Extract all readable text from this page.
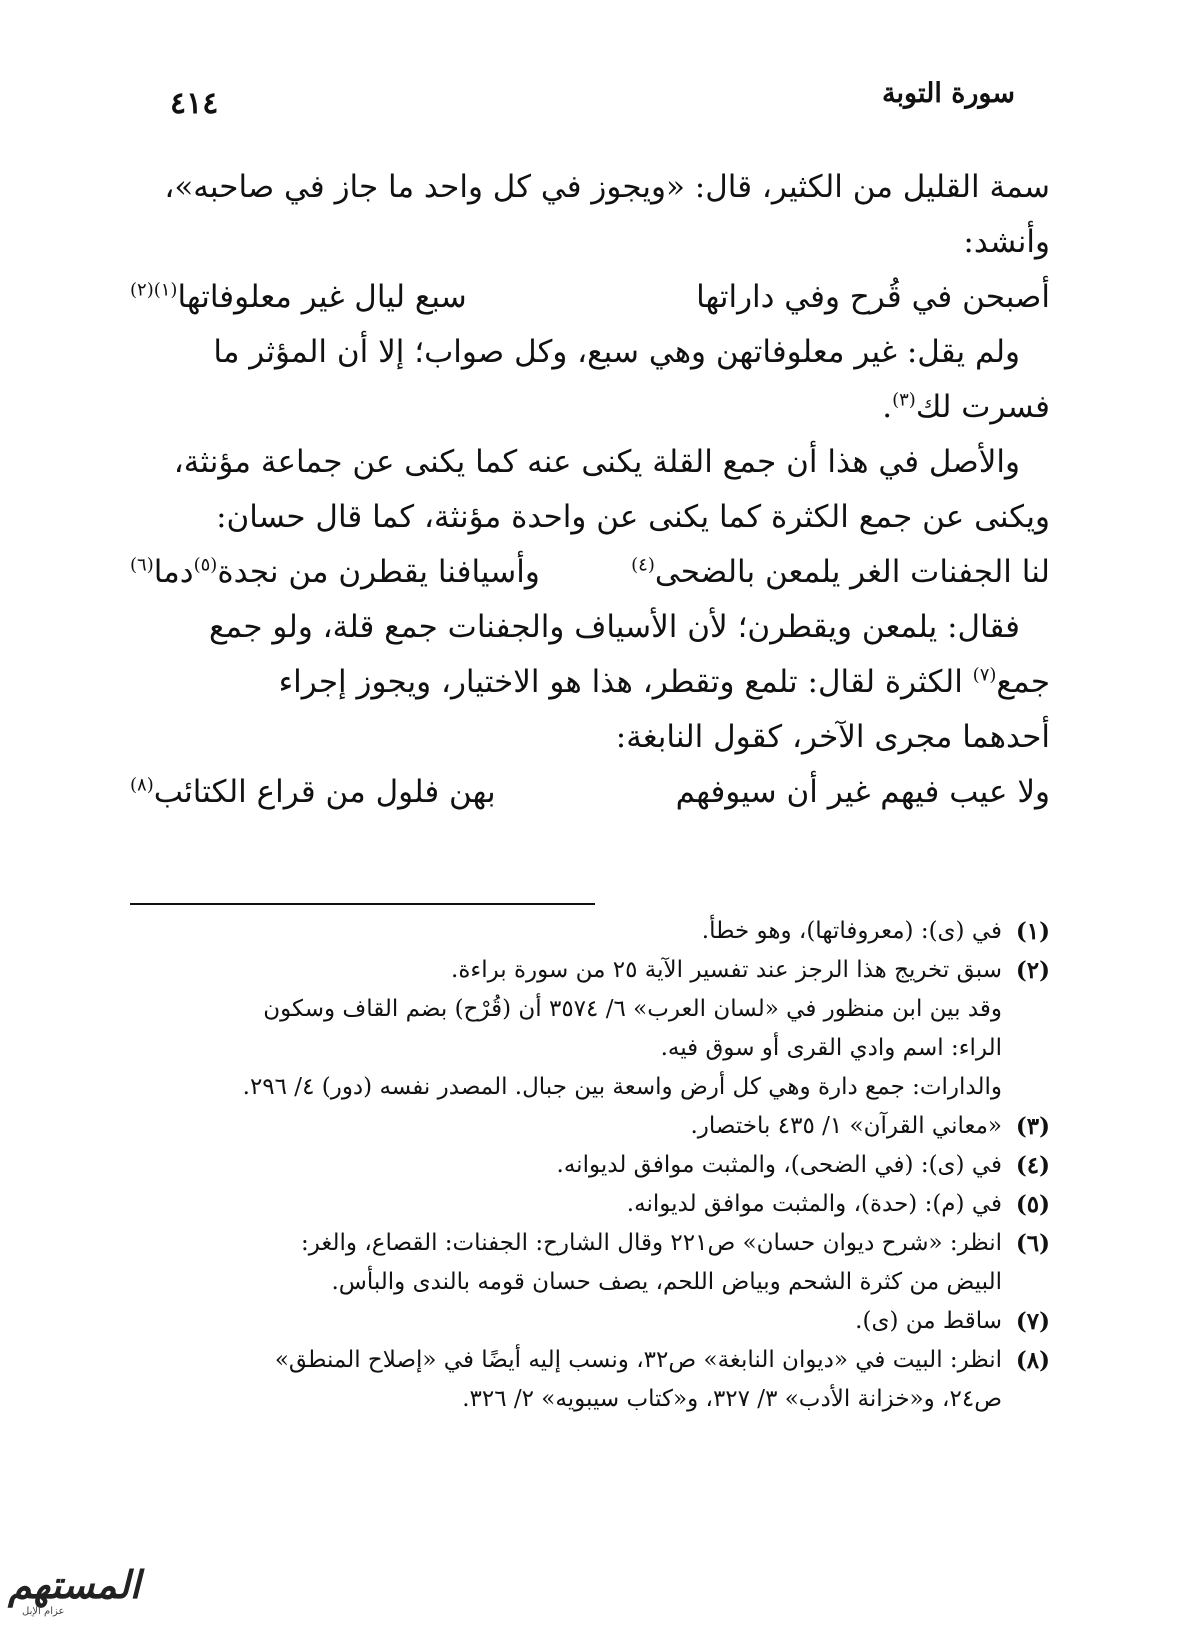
سورة التوبة
٤١٤

سمة القليل من الكثير، قال: «ويجوز في كل واحد ما جاز في صاحبه»،

وأنشد:

أصبحن في قُرح وفي داراتها
سبع ليال غير معلوفاتها$^{(١)(٢)}$

ولم يقل: غير معلوفاتهن وهي سبع، وكل صواب؛ إلا أن المؤثر ما

فسرت لك$^{(٣)}$.

والأصل في هذا أن جمع القلة يكنى عنه كما يكنى عن جماعة مؤنثة،

ويكنى عن جمع الكثرة كما يكنى عن واحدة مؤنثة، كما قال حسان:

لنا الجفنات الغر يلمعن بالضحى$^{(٤)}$
وأسيافنا يقطرن من نجدة$^{(٥)}$دما$^{(٦)}$

فقال: يلمعن ويقطرن؛ لأن الأسياف والجفنات جمع قلة، ولو جمع

جمع$^{(٧)}$ الكثرة لقال: تلمع وتقطر، هذا هو الاختيار، ويجوز إجراء

أحدهما مجرى الآخر، كقول النابغة:

ولا عيب فيهم غير أن سيوفهم
بهن فلول من قراع الكتائب$^{(٨)}$

(١)
في (ى): (معروفاتها)، وهو خطأ.
(٢)
سبق تخريج هذا الرجز عند تفسير الآية ٢٥ من سورة براءة.
وقد بين ابن منظور في «لسان العرب» ٦/ ٣٥٧٤ أن (قُرْح) بضم القاف وسكون
الراء: اسم وادي القرى أو سوق فيه.
والدارات: جمع دارة وهي كل أرض واسعة بين جبال. المصدر نفسه (دور) ٤/ ٢٩٦.
(٣)
«معاني القرآن» ١/ ٤٣٥ باختصار.
(٤)
في (ى): (في الضحى)، والمثبت موافق لديوانه.
(٥)
في (م): (حدة)، والمثبت موافق لديوانه.
(٦)
انظر: «شرح ديوان حسان» ص٢٢١ وقال الشارح: الجفنات: القصاع، والغر:
البيض من كثرة الشحم وبياض اللحم، يصف حسان قومه بالندى والبأس.
(٧)
ساقط من (ى).
(٨)
انظر: البيت في «ديوان النابغة» ص٣٢، ونسب إليه أيضًا في «إصلاح المنطق»
ص٢٤، و«خزانة الأدب» ٣/ ٣٢٧، و«كتاب سيبويه» ٢/ ٣٢٦.
المستهم
عزام الإبل
